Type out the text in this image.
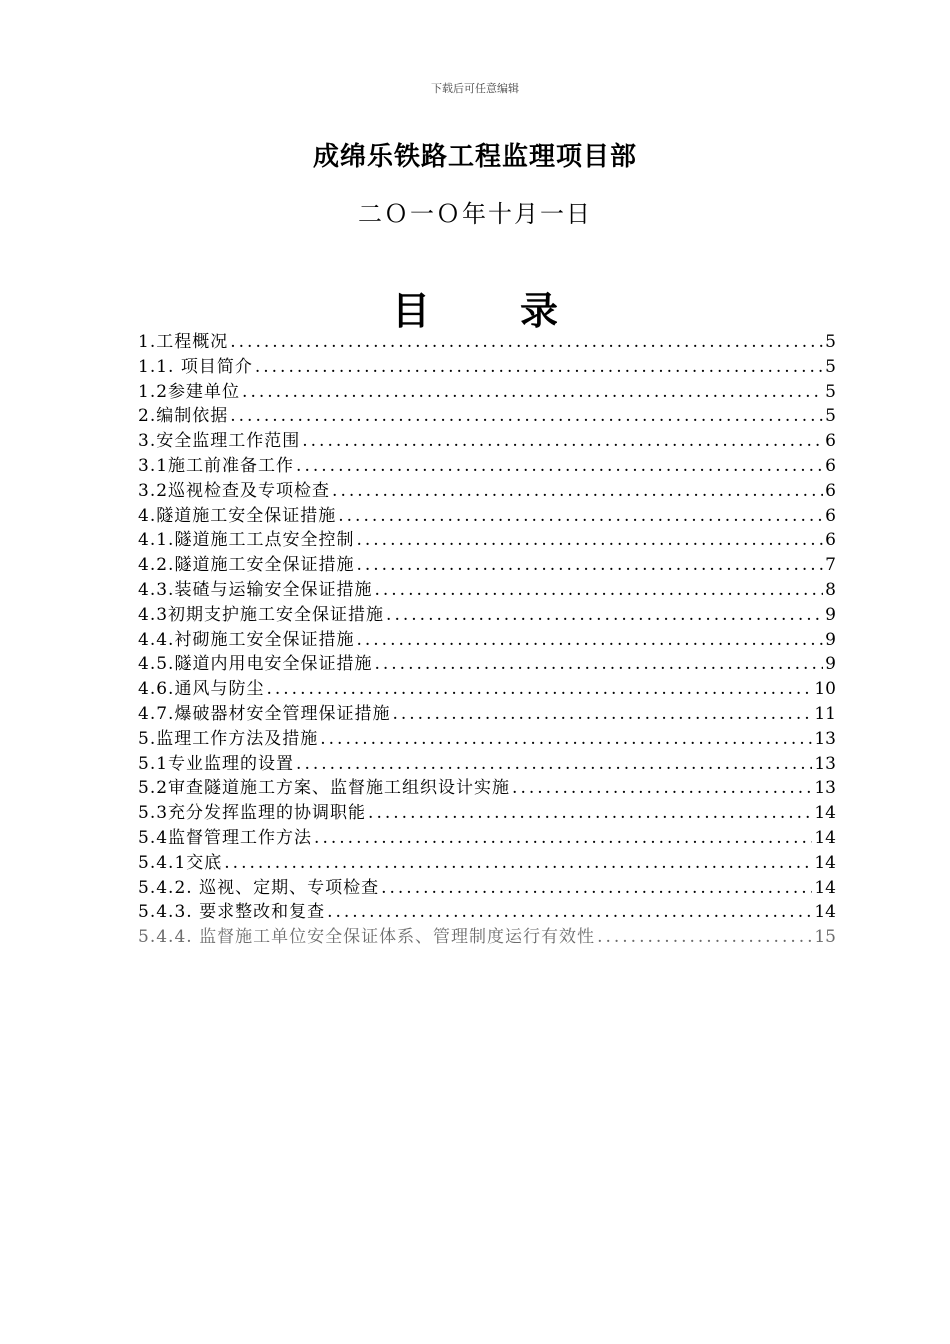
下载后可任意编辑
成绵乐铁路工程监理项目部
二Ｏ一Ｏ年十月一日
目 录
1.工程概况 .....	5
1.1. 项目简介 .....	5
1.2参建单位 .....	5
2.编制依据 .....	5
3.安全监理工作范围 .....	6
3.1施工前准备工作 .....	6
3.2巡视检查及专项检查 .....	6
4.隧道施工安全保证措施 .....	6
4.1.隧道施工工点安全控制 .....	6
4.2.隧道施工安全保证措施 .....	7
4.3.装碴与运输安全保证措施 .....	8
4.3初期支护施工安全保证措施 .....	9
4.4.衬砌施工安全保证措施 .....	9
4.5.隧道内用电安全保证措施 .....	9
4.6.通风与防尘 .....	10
4.7.爆破器材安全管理保证措施 .....	11
5.监理工作方法及措施 .....	13
5.1专业监理的设置 .....	13
5.2审查隧道施工方案、监督施工组织设计实施 .....	13
5.3充分发挥监理的协调职能 .....	14
5.4监督管理工作方法 .....	14
5.4.1交底 .....	14
5.4.2. 巡视、定期、专项检查 .....	14
5.4.3. 要求整改和复查 .....	14
5.4.4. 监督施工单位安全保证体系、管理制度运行有效性 .....	15
